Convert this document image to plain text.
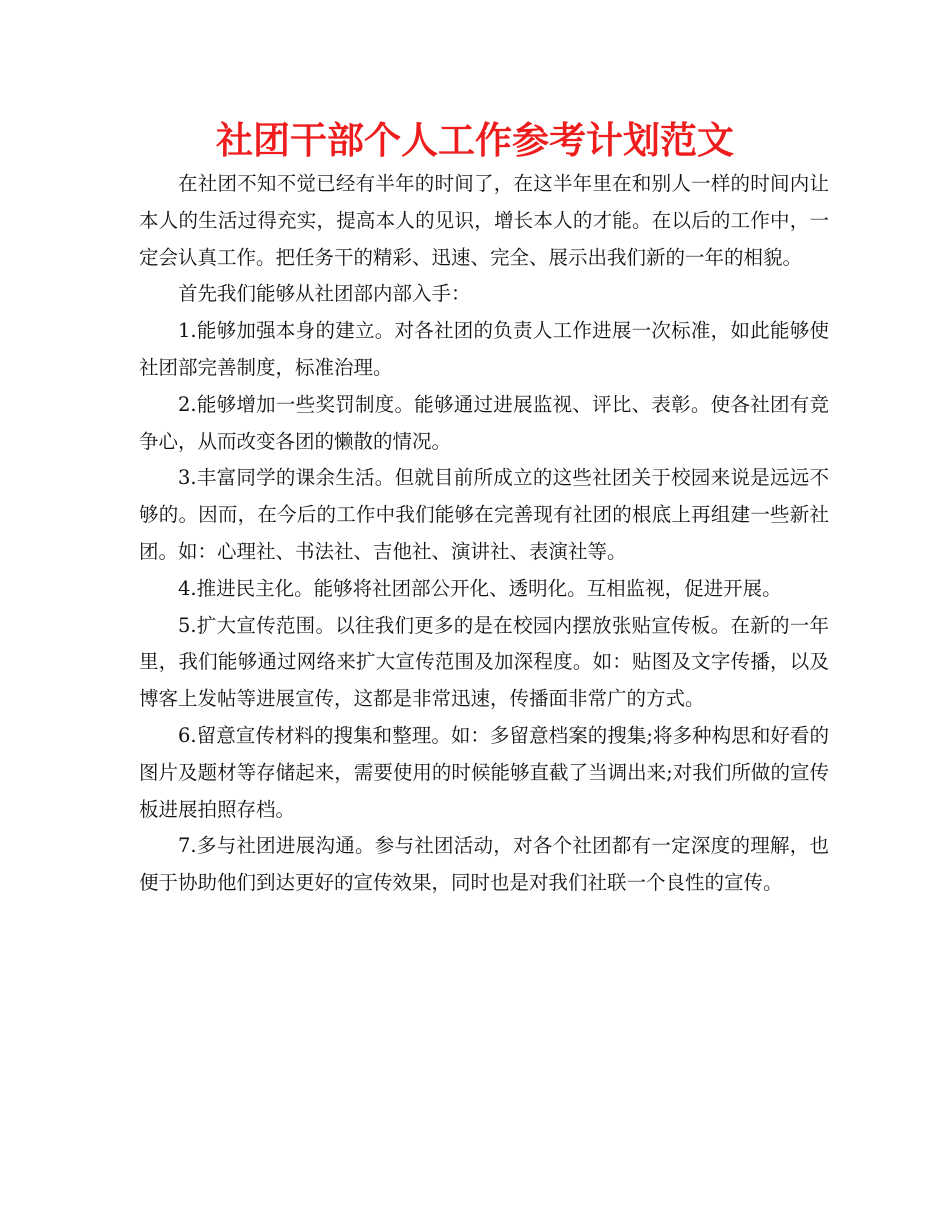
社团干部个人工作参考计划范文

在社团不知不觉已经有半年的时间了，在这半年里在和别人一样的时间内让本人的生活过得充实，提高本人的见识，增长本人的才能。在以后的工作中，一定会认真工作。把任务干的精彩、迅速、完全、展示出我们新的一年的相貌。

首先我们能够从社团部内部入手：

1.能够加强本身的建立。对各社团的负责人工作进展一次标准，如此能够使社团部完善制度，标准治理。

2.能够增加一些奖罚制度。能够通过进展监视、评比、表彰。使各社团有竞争心，从而改变各团的懒散的情况。

3.丰富同学的课余生活。但就目前所成立的这些社团关于校园来说是远远不够的。因而，在今后的工作中我们能够在完善现有社团的根底上再组建一些新社团。如：心理社、书法社、吉他社、演讲社、表演社等。

4.推进民主化。能够将社团部公开化、透明化。互相监视，促进开展。

5.扩大宣传范围。以往我们更多的是在校园内摆放张贴宣传板。在新的一年里，我们能够通过网络来扩大宣传范围及加深程度。如：贴图及文字传播，以及博客上发帖等进展宣传，这都是非常迅速，传播面非常广的方式。

6.留意宣传材料的搜集和整理。如：多留意档案的搜集;将多种构思和好看的图片及题材等存储起来，需要使用的时候能够直截了当调出来;对我们所做的宣传板进展拍照存档。

7.多与社团进展沟通。参与社团活动，对各个社团都有一定深度的理解，也便于协助他们到达更好的宣传效果，同时也是对我们社联一个良性的宣传。
